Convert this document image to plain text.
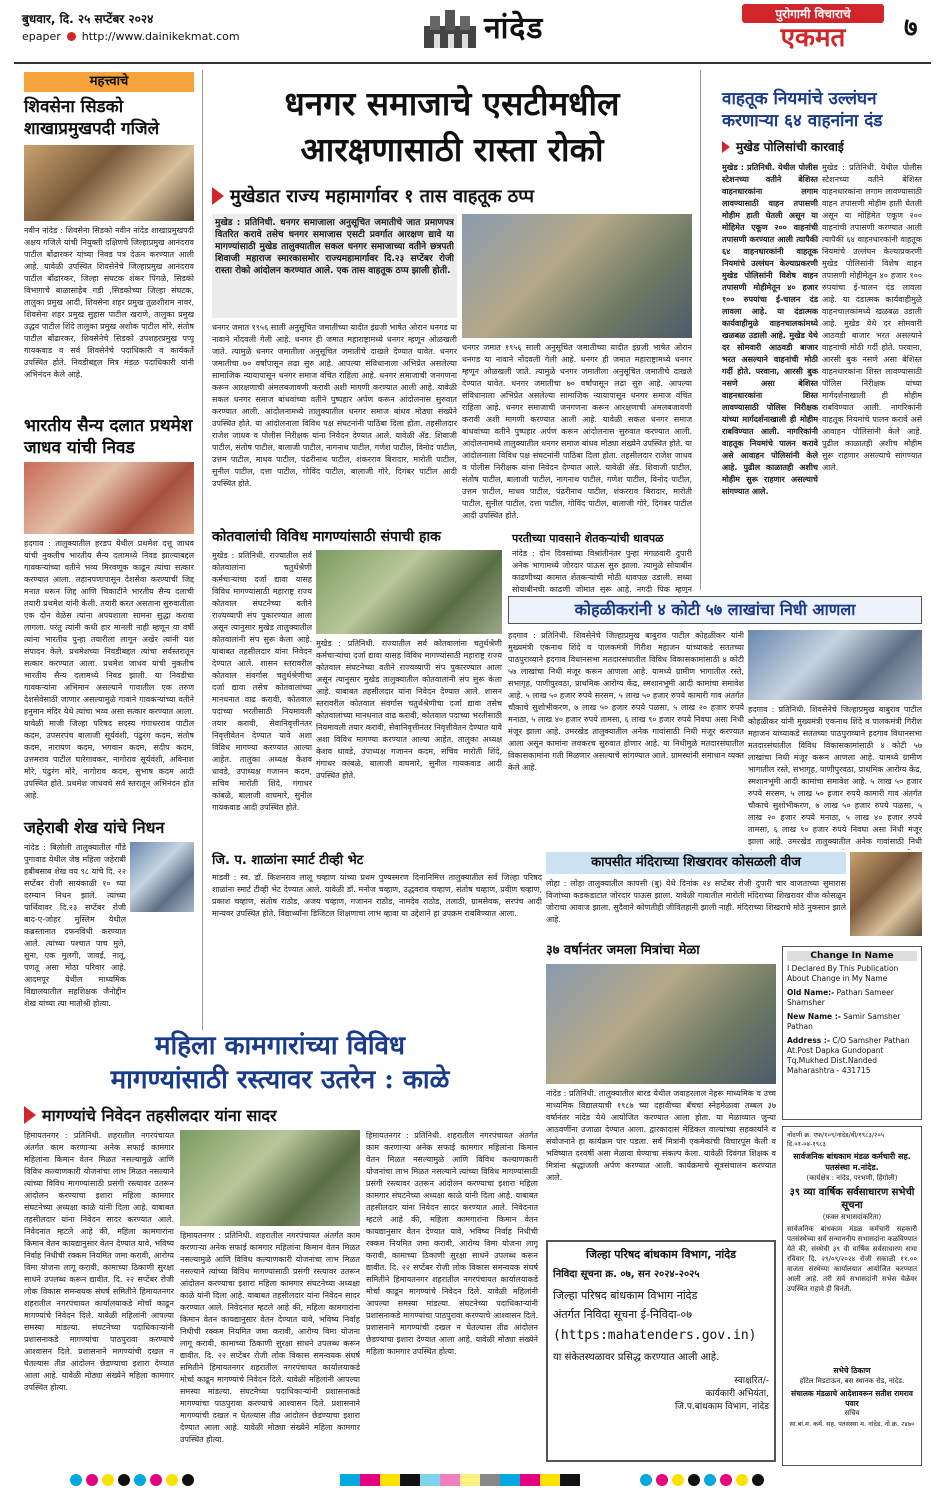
बुधवार, दि. २५ सप्टेंबर २०२४
epaper http://www.dainikekmat.com	नांदेड	पुरोगामी विचाराचे
एकमत	७
महत्त्वाचे
शिवसेना सिडको शाखाप्रमुखपदी गजिले
नवीन नांदेड : शिवसेना सिडको नवीन नांदेड शाखाप्रमुखपदी अक्षय गजिले यांची नियुक्ती दक्षिणचे जिल्हाप्रमुख आनंदराव पाटील बोंढारकर यांच्या निवड पत्र देऊन करण्यात आली आहे. यावेळी उपस्थित शिवसेनेचे जिल्हाप्रमुख आनंदराव पाटील बोंढारकर, जिल्हा संघटक शंकर पिंगळे, सिडको विभागाचे बाळासाहेब गडी ,सिडकोच्या जिल्हा संघटक, तालुका प्रमुख आदी, शिवसेना शहर प्रमुख तुळशीराम नावर, शिवसेना शहर प्रमुख सुहास पाटील खराणे, तालुका प्रमुख उद्धव पाटील शिंदे तालुका प्रमुख अशोक पाटील मोरे, संतोष पाटील बोंढारकर, शिवसेनेचे सिडको उपशहरप्रमुख पप्पू गायकवाड व सर्व शिवसेनेचे पदाधिकारी व कार्यकर्ते उपस्थित होते. निवडीबद्दल मित्र मंडळ पदाधिकारी यांनी अभिनंदन केले आहे.
भारतीय सैन्य दलात प्रथमेश जाधव यांची निवड
हदगाव : तालुक्यातील हरडप येथील प्रथमेश दत्तू जाधव यांची नुकतीच भारतीय सैन्य दलामध्ये निवड झाल्याबद्दल गावकऱ्यांच्या वतीने भव्य मिरवणूक काढून त्यांचा सत्कार करण्यात आला. लहानपणापासून देशसेवा करण्याची जिद्द मनात धरून जिद्द आणि चिकाटीने भारतीय सैन्य दलाची तयारी प्रथमेश यांनी केली. तयारी करत असताना सुरुवातीला एक दोन वेळेस त्यांना अपयशाला सामना सुद्धा करावा लागला. परंतु त्यांनी कधी हार मानली नाही म्हणून या वर्षी त्यांना भारतीय पुन्हा तयारीला लागून अखेर त्यांनी यश संपादन केले. प्रथमेशच्या निवडीबद्दल त्यांचा सर्वस्तरातून सत्कार करण्यात आला. प्रथमेश जाधव यांची नुकतीच भारतीय सैन्य दलामध्ये निवड झाली. या निवडीचा गावकऱ्यांना अभिमान असल्याने गावातील एक तरुण देशसेवेसाठी जाणार असल्यामुळे गावाने गावकऱ्यांच्या वतीने हनुमान मंदिर येथे त्यांचा भव्य असा सत्कार करण्यात आला. यावेळी माजी जिल्हा परिषद सदस्य गंगाधरराव पाटील कदम, उपसरपंच बालाजी सूर्यवंशी, पंढुरंग कदम, संतोष कदम, नारायण कदम, भगवान कदम, संदीप कदम, उत्तमराव पाटील घारेगावकर, नागोराव सूर्यवंशी, अविनाश मोरे, पंढुरंग मोरे, नागोराव कदम, सुभाष कदम आदी उपस्थित होते. प्रथमेश जाधवचे सर्व स्तरातून अभिनंदन होत आहे.
जहेराबी शेख यांचे निधन
नांदेड : बिलोली तालुक्यातील गौंडे पुगावाड येथील जेष्ठ महिला जहेराबी हबीबसाब शेख वय ९८ यांचे दि. २२ सप्टेंबर रोजी सायंकाळी १० च्या दरम्यान निधन झाले. त्यांच्या पार्थिवावर दि.२३ सप्टेंबर रोजी बाद-ए-जोहर मुस्लिम येथील कब्रस्तानात दफनविधी करण्यात आले. त्यांच्या पश्चात पाच मुले, सुना, एक मुलगी, जावई, नातू, पणतू असा मोठा परिवार आहे. आदमपूर येथील माध्यमिक विद्यालयातील सहशिक्षक जैनोद्दीन शेख यांच्या त्या मातोश्री होत्या.
धनगर समाजाचे एसटीमधील
आरक्षणासाठी रास्ता रोको
मुखेडात राज्य महामार्गावर १ तास वाहतूक ठप्प
मुखेड : प्रतिनिधी. धनगर समाजाला अनुसूचित जमातीचे जात प्रमाणपत्र वितरित करावे तसेच धनगर समाजास एसटी प्रवर्गात आरक्षण द्यावे या मागण्यांसाठी मुखेड तालुक्यातील सकल धनगर समाजाच्या वतीने छत्रपती शिवाजी महाराज स्मारकासमोर राज्यमहामार्गावर दि.२३ सप्टेंबर रोजी रास्ता रोको आंदोलन करण्यात आले. एक तास वाहतूक ठप्प झाली होती.
धनगर जमात १९५६ साली अनुसूचित जमातीच्या यादीत इंग्रजी भाषेत ओरान धनगड या नावाने नोंदवली गेली आहे. धनगर ही जमात महाराष्ट्रामध्ये धनगर म्हणून ओळखली जाते. त्यामुळे धनगर जमातीला अनुसूचित जमातीचे दाखले देण्यात यावेत. धनगर जमातीचा ७० वर्षांपासून लढा सुरु आहे. आपल्या संविधानाला अभिप्रेत असलेल्या सामाजिक न्यायापासून धनगर समाज वंचित राहिला आहे. धनगर समाजाची जनगणना करून आरक्षणाची अंमलबजावणी करावी अशी मागणी करण्यात आली आहे. यावेळी सकल धनगर समाज बांधवांच्या वतीने पुष्पहार अर्पण करून आंदोलनास सुरुवात करण्यात आली. आंदोलनामध्ये तालुक्यातील धनगर समाज बांधव मोठ्या संख्येने उपस्थित होते. या आंदोलनाला विविध पक्ष संघटनांनी पाठिंबा दिला होता. तहसीलदार राजेश जाधव व पोलीस निरीक्षक यांना निवेदन देण्यात आले. यावेळी ॲड. शिवाजी पाटील, संतोष पाटील, बालाजी पाटील, नागनाथ पाटील, गणेश पाटील, विनोद पाटील, उत्तम पाटील, माधव पाटील, पंढरीनाथ पाटील, शंकरराव बिरादार, मारोती पाटील, सुनील पाटील, दत्ता पाटील, गोविंद पाटील, बालाजी गोरे, दिगंबर पाटील आदी उपस्थित होते.
धनगर जमात १९५६ साली अनुसूचित जमातीच्या यादीत इंग्रजी भाषेत ओरान धनगड या नावाने नोंदवली गेली आहे. धनगर ही जमात महाराष्ट्रामध्ये धनगर म्हणून ओळखली जाते. त्यामुळे धनगर जमातीला अनुसूचित जमातीचे दाखले देण्यात यावेत. धनगर जमातीचा ७० वर्षांपासून लढा सुरु आहे. आपल्या संविधानाला अभिप्रेत असलेल्या सामाजिक न्यायापासून धनगर समाज वंचित राहिला आहे. धनगर समाजाची जनगणना करून आरक्षणाची अंमलबजावणी करावी अशी मागणी करण्यात आली आहे. यावेळी सकल धनगर समाज बांधवांच्या वतीने पुष्पहार अर्पण करून आंदोलनास सुरुवात करण्यात आली. आंदोलनामध्ये तालुक्यातील धनगर समाज बांधव मोठ्या संख्येने उपस्थित होते. या आंदोलनाला विविध पक्ष संघटनांनी पाठिंबा दिला होता. तहसीलदार राजेश जाधव व पोलीस निरीक्षक यांना निवेदन देण्यात आले. यावेळी ॲड. शिवाजी पाटील, संतोष पाटील, बालाजी पाटील, नागनाथ पाटील, गणेश पाटील, विनोद पाटील, उत्तम पाटील, माधव पाटील, पंढरीनाथ पाटील, शंकरराव बिरादार, मारोती पाटील, सुनील पाटील, दत्ता पाटील, गोविंद पाटील, बालाजी गोरे, दिगंबर पाटील आदी उपस्थित होते.
परतीच्या पावसाने शेतकऱ्यांची धावपळ
नांदेड : दोन दिवसांच्या विश्रांतीनंतर पुन्हा मंगळवारी दुपारी अनेक भागामध्ये जोरदार पाऊस सुरु झाला. त्यामुळे सोयाबीन काढणीच्या कामात शेतकऱ्यांची मोठी धावपळ उडाली. सध्या सोयाबीनची काढणी जोमात सुरू आहे. नगदी पिक म्हणून
कोतवालांची विविध मागण्यांसाठी संपाची हाक
मुखेड : प्रतिनिधी. राज्यातील सर्व कोतवालांना चतुर्थश्रेणी कर्मचाऱ्यांचा दर्जा द्यावा यासह विविध मागण्यांसाठी महाराष्ट्र राज्य कोतवाल संघटनेच्या वतीने राज्यव्यापी संप पुकारण्यात आला असून त्यानुसार मुखेड तालुक्यातील कोतवालांनी संप सुरू केला आहे. याबाबत तहसीलदार यांना निवेदन देण्यात आले. शासन स्तरावरील कोतवाल संवर्गास चतुर्थश्रेणीचा दर्जा द्यावा तसेच कोतवालांच्या मानधनात वाढ करावी, कोतवाल पदाच्या भरतीसाठी नियमावली तयार करावी, सेवानिवृत्तीनंतर निवृत्तीवेतन देण्यात यावे अशा विविध मागण्या करण्यात आल्या आहेत. तालुका अध्यक्ष केशव धावडे, उपाध्यक्ष गजानन कदम, सचिव मारोती शिंदे, गंगाधर कांबळे, बालाजी वाघमारे, सुनील गायकवाड आदी उपस्थित होते.
मुखेड : प्रतिनिधी. राज्यातील सर्व कोतवालांना चतुर्थश्रेणी कर्मचाऱ्यांचा दर्जा द्यावा यासह विविध मागण्यांसाठी महाराष्ट्र राज्य कोतवाल संघटनेच्या वतीने राज्यव्यापी संप पुकारण्यात आला असून त्यानुसार मुखेड तालुक्यातील कोतवालांनी संप सुरू केला आहे. याबाबत तहसीलदार यांना निवेदन देण्यात आले. शासन स्तरावरील कोतवाल संवर्गास चतुर्थश्रेणीचा दर्जा द्यावा तसेच कोतवालांच्या मानधनात वाढ करावी, कोतवाल पदाच्या भरतीसाठी नियमावली तयार करावी, सेवानिवृत्तीनंतर निवृत्तीवेतन देण्यात यावे अशा विविध मागण्या करण्यात आल्या आहेत. तालुका अध्यक्ष केशव धावडे, उपाध्यक्ष गजानन कदम, सचिव मारोती शिंदे, गंगाधर कांबळे, बालाजी वाघमारे, सुनील गायकवाड आदी उपस्थित होते.
वाहतूक नियमांचे उल्लंघन करणाऱ्या ६४ वाहनांना दंड
मुखेड पोलिसांची कारवाई
मुखेड : प्रतिनिधी. येथील पोलीस स्टेशनच्या वतीने बेशिस्त वाहनधारकांना लगाम लावण्यासाठी वाहन तपासणी मोहीम हाती घेतली असून या मोहिमेत एकूण २०० वाहनांची तपासणी करण्यात आली त्यापैकी ६४ वाहनधारकांनी वाहतूक नियमांचे उल्लंघन केल्याप्रकरणी मुखेड पोलिसांनी विशेष वाहन तपासणी मोहीमेतून ४० हजार १०० रुपयांचा ई-चालन दंड लावला आहे. या दंडात्मक कार्यवाहीमुळे वाहनचालकांमध्ये खळबळ उडाली आहे. मुखेड येथे दर सोमवारी आठवडी बाजार भरत असल्याने वाहनांची मोठी गर्दी होते. परवाना, आरसी बुक नसणे असा बेशिस्त वाहनधारकांना शिस्त लावण्यासाठी पोलिस निरीक्षक यांच्या मार्गदर्शनाखाली ही मोहीम राबविण्यात आली. नागरिकांनी वाहतूक नियमांचे पालन करावे असे आवाहन पोलिसांनी केले आहे. पुढील काळातही अशीच मोहीम सुरू राहणार असल्याचे सांगण्यात आले.
मुखेड : प्रतिनिधी. येथील पोलीस स्टेशनच्या वतीने बेशिस्त वाहनधारकांना लगाम लावण्यासाठी वाहन तपासणी मोहीम हाती घेतली असून या मोहिमेत एकूण २०० वाहनांची तपासणी करण्यात आली त्यापैकी ६४ वाहनधारकांनी वाहतूक नियमांचे उल्लंघन केल्याप्रकरणी मुखेड पोलिसांनी विशेष वाहन तपासणी मोहीमेतून ४० हजार १०० रुपयांचा ई-चालन दंड लावला आहे. या दंडात्मक कार्यवाहीमुळे वाहनचालकांमध्ये खळबळ उडाली आहे. मुखेड येथे दर सोमवारी आठवडी बाजार भरत असल्याने वाहनांची मोठी गर्दी होते. परवाना, आरसी बुक नसणे असा बेशिस्त वाहनधारकांना शिस्त लावण्यासाठी पोलिस निरीक्षक यांच्या मार्गदर्शनाखाली ही मोहीम राबविण्यात आली. नागरिकांनी वाहतूक नियमांचे पालन करावे असे आवाहन पोलिसांनी केले आहे. पुढील काळातही अशीच मोहीम सुरू राहणार असल्याचे सांगण्यात आले.
कोहळीकरांनी ४ कोटी ५७ लाखांचा निधी आणला
हदगाव : प्रतिनिधी. शिवसेनेचे जिल्हाप्रमुख बाबुराव पाटील कोहळीकर यांनी मुख्यमंत्री एकनाथ शिंदे व पालकमंत्री गिरीश महाजन यांच्याकडे सततच्या पाठपुराव्याने हदगाव विधानसभा मतदारसंघातील विविध विकासकामांसाठी ४ कोटी ५७ लाखांचा निधी मंजूर करून आणला आहे. यामध्ये ग्रामीण भागातील रस्ते, सभागृह, पाणीपुरवठा, प्राथमिक आरोग्य केंद्र, स्मशानभूमी आदी कामांचा समावेश आहे. ५ लाख ५० हजार रुपये सरसम, ५ लाख ५० हजार रुपये कामारी गाव अंतर्गत चौकाचे सुशोभीकरण, ७ लाख ५० हजार रुपये पळसा, ५ लाख २० हजार रुपये मनाठा, ५ लाख ४० हजार रुपये तामसा, ६ लाख ९० हजार रुपये निवघा असा निधी मंजूर झाला आहे. उमरखेड तालुक्यातील अनेक गावांसाठी निधी मंजूर करण्यात आला असून कामांना लवकरच सुरुवात होणार आहे. या निधीमुळे मतदारसंघातील विकासकामांना गती मिळणार असल्याचे सांगण्यात आले. ग्रामस्थांनी समाधान व्यक्त केले आहे.
हदगाव : प्रतिनिधी. शिवसेनेचे जिल्हाप्रमुख बाबुराव पाटील कोहळीकर यांनी मुख्यमंत्री एकनाथ शिंदे व पालकमंत्री गिरीश महाजन यांच्याकडे सततच्या पाठपुराव्याने हदगाव विधानसभा मतदारसंघातील विविध विकासकामांसाठी ४ कोटी ५७ लाखांचा निधी मंजूर करून आणला आहे. यामध्ये ग्रामीण भागातील रस्ते, सभागृह, पाणीपुरवठा, प्राथमिक आरोग्य केंद्र, स्मशानभूमी आदी कामांचा समावेश आहे. ५ लाख ५० हजार रुपये सरसम, ५ लाख ५० हजार रुपये कामारी गाव अंतर्गत चौकाचे सुशोभीकरण, ७ लाख ५० हजार रुपये पळसा, ५ लाख २० हजार रुपये मनाठा, ५ लाख ४० हजार रुपये तामसा, ६ लाख ९० हजार रुपये निवघा असा निधी मंजूर झाला आहे. उमरखेड तालुक्यातील अनेक गावांसाठी निधी
जि. प. शाळांना स्मार्ट टीव्ही भेट
मांडवी : स्व. डॉ. किशनराव लालू चव्हाण यांच्या प्रथम पुण्यस्मरण दिनानिमित्त तालुक्यातील सर्व जिल्हा परिषद शाळांना स्मार्ट टीव्ही भेट देण्यात आले. यावेळी डॉ. मनोज चव्हाण, उद्धवराव चव्हाण, संतोष चव्हाण, प्रवीण चव्हाण, प्रकाश चव्हाण, संतोष राठोड, अजय चव्हाण, गजानन राठोड, नामदेव राठोड, तलाठी, ग्रामसेवक, सरपंच आदी मान्यवर उपस्थित होते. विद्यार्थ्यांना डिजिटल शिक्षणाचा लाभ व्हावा या उद्देशाने हा उपक्रम राबविण्यात आला.
कापसीत मंदिराच्या शिखरावर कोसळली वीज
लोहा : लोहा तालुक्यातील कापसी (बु) येथे दिनांक २४ सप्टेंबर रोजी दुपारी चार वाजताच्या सुमारास विजांच्या कडकडाटात जोरदार पाऊस झाला. यावेळी गावातील मारोती मंदिराच्या शिखरावर वीज कोसळून जोराचा आवाज झाला. सुदैवाने कोणतीही जीवितहानी झाली नाही. मंदिराच्या शिखराचे मोठे नुकसान झाले आहे.
३७ वर्षानंतर जमला मित्रांचा मेळा
नांदेड : प्रतिनिधी. तालुक्यातील बारड येथील जवाहरलाल नेहरू माध्यमिक व उच्च माध्यमिक विद्यालयाची १९८७ च्या दहावीच्या बॅचचा स्नेहमेळावा तब्बल ३७ वर्षानंतर नांदेड येथे आयोजित करण्यात आला होता. या मेळाव्यात जुन्या आठवणींना उजाळा देण्यात आला. द्वारकादास मेडिकल वाल्यांच्या सहकार्याने व संयोजनाने हा कार्यक्रम पार पडला. सर्व मित्रांनी एकमेकांची विचारपूस केली व भविष्यात दरवर्षी असा मेळावा घेण्याचा संकल्प केला. यावेळी दिवंगत शिक्षक व मित्रांना श्रद्धांजली अर्पण करण्यात आली. कार्यक्रमाचे सूत्रसंचालन करण्यात आले.
Change In Name
I Declared By This Publication About Change in My Name
Old Name:- Pathan Sameer Shamsher
New Name :- Samir Samsher Pathan
Address :- C/O Samsher Pathan At.Post Dapka Gundopant Tq.Mukhed Dist.Nanded Maharashtra - 431715
नोंदणी क्र. एफ/१०९/नांदेड/वी/१९८३/२०५ दि.०१-०४-१९८३
सार्वजनिक बांधकाम मंडळ कर्मचारी सह. पतसंस्था म.नांदेड.
(कार्यक्षेत्र : नांदेड, परभणी, हिंगोली)
३९ व्या वार्षिक सर्वसाधारण सभेची सूचना
(फक्त सभासदांकरिता)
सार्वजनिक बांधकाम मंडळ कर्मचारी सहकारी पतसंस्थेच्या सर्व सन्माननीय सभासदांना कळविण्यात येते की, संस्थेची ३९ वी वार्षिक सर्वसाधारण सभा रविवार दि. २९/०९/२०२४ रोजी सकाळी ११.०० वाजता संस्थेच्या कार्यालयात आयोजित करण्यात आली आहे. तरी सर्व सभासदांनी सभेस वेळेवर उपस्थित राहावे ही विनंती.
सभेचे ठिकाण
हॉटेल मिडटाऊन, बस स्थानक रोड, नांदेड.
संचालक मंडळाचे आदेशावरून सतीश रामराव पवार
सचिव
सा.बां.म. कर्म. सह. पतसंस्था म. नांदेड. नो.क्र. २४७०
जिल्हा परिषद बांधकाम विभाग, नांदेड
निविदा सूचना क्र. ०७, सन २०२४-२०२५
जिल्हा परिषद बांधकाम विभाग नांदेड
अंतर्गत निविदा सूचना ई-निविदा-०७
(https:mahatenders.gov.in)
या संकेतस्थळावर प्रसिद्ध करण्यात आली आहे.
स्वाक्षरित/-
कार्यकारी अभियंता,
जि.प.बांधकाम विभाग, नांदेड
महिला कामगारांच्या विविध
मागण्यांसाठी रस्त्यावर उतरेन : काळे
मागण्यांचे निवेदन तहसीलदार यांना सादर
हिमायतनगर : प्रतिनिधी. शहरातील नगरपंचायत अंतर्गत काम करणाऱ्या अनेक सफाई कामगार महिलांना किमान वेतन मिळत नसल्यामुळे आणि विविध कल्याणकारी योजनांचा लाभ मिळत नसल्याने त्यांच्या विविध मागण्यांसाठी प्रसंगी रस्त्यावर उतरून आंदोलन करण्याचा इशारा महिला कामगार संघटनेच्या अध्यक्षा काळे यांनी दिला आहे. याबाबत तहसीलदार यांना निवेदन सादर करण्यात आले. निवेदनात म्हटले आहे की, महिला कामगारांना किमान वेतन कायद्यानुसार वेतन देण्यात यावे, भविष्य निर्वाह निधीची रक्कम नियमित जमा करावी, आरोग्य विमा योजना लागू करावी, कामाच्या ठिकाणी सुरक्षा साधने उपलब्ध करून द्यावीत. दि. २२ सप्टेंबर रोजी लोक विकास समन्वयक संघर्ष समितीने हिमायतनगर शहरातील नगरपंचायत कार्यालयाकडे मोर्चा काढून मागण्यांचे निवेदन दिले. यावेळी महिलांनी आपल्या समस्या मांडल्या. संघटनेच्या पदाधिकाऱ्यांनी प्रशासनाकडे मागण्यांचा पाठपुरावा करण्याचे आश्वासन दिले. प्रशासनाने मागण्यांची दखल न घेतल्यास तीव्र आंदोलन छेडण्याचा इशारा देण्यात आला आहे. यावेळी मोठ्या संख्येने महिला कामगार उपस्थित होत्या.
हिमायतनगर : प्रतिनिधी. शहरातील नगरपंचायत अंतर्गत काम करणाऱ्या अनेक सफाई कामगार महिलांना किमान वेतन मिळत नसल्यामुळे आणि विविध कल्याणकारी योजनांचा लाभ मिळत नसल्याने त्यांच्या विविध मागण्यांसाठी प्रसंगी रस्त्यावर उतरून आंदोलन करण्याचा इशारा महिला कामगार संघटनेच्या अध्यक्षा काळे यांनी दिला आहे. याबाबत तहसीलदार यांना निवेदन सादर करण्यात आले. निवेदनात म्हटले आहे की, महिला कामगारांना किमान वेतन कायद्यानुसार वेतन देण्यात यावे, भविष्य निर्वाह निधीची रक्कम नियमित जमा करावी, आरोग्य विमा योजना लागू करावी, कामाच्या ठिकाणी सुरक्षा साधने उपलब्ध करून द्यावीत. दि. २२ सप्टेंबर रोजी लोक विकास समन्वयक संघर्ष समितीने हिमायतनगर शहरातील नगरपंचायत कार्यालयाकडे मोर्चा काढून मागण्यांचे निवेदन दिले. यावेळी महिलांनी आपल्या समस्या मांडल्या. संघटनेच्या पदाधिकाऱ्यांनी प्रशासनाकडे मागण्यांचा पाठपुरावा करण्याचे आश्वासन दिले. प्रशासनाने मागण्यांची दखल न घेतल्यास तीव्र आंदोलन छेडण्याचा इशारा देण्यात आला आहे. यावेळी मोठ्या संख्येने महिला कामगार उपस्थित होत्या.
हिमायतनगर : प्रतिनिधी. शहरातील नगरपंचायत अंतर्गत काम करणाऱ्या अनेक सफाई कामगार महिलांना किमान वेतन मिळत नसल्यामुळे आणि विविध कल्याणकारी योजनांचा लाभ मिळत नसल्याने त्यांच्या विविध मागण्यांसाठी प्रसंगी रस्त्यावर उतरून आंदोलन करण्याचा इशारा महिला कामगार संघटनेच्या अध्यक्षा काळे यांनी दिला आहे. याबाबत तहसीलदार यांना निवेदन सादर करण्यात आले. निवेदनात म्हटले आहे की, महिला कामगारांना किमान वेतन कायद्यानुसार वेतन देण्यात यावे, भविष्य निर्वाह निधीची रक्कम नियमित जमा करावी, आरोग्य विमा योजना लागू करावी, कामाच्या ठिकाणी सुरक्षा साधने उपलब्ध करून द्यावीत. दि. २२ सप्टेंबर रोजी लोक विकास समन्वयक संघर्ष समितीने हिमायतनगर शहरातील नगरपंचायत कार्यालयाकडे मोर्चा काढून मागण्यांचे निवेदन दिले. यावेळी महिलांनी आपल्या समस्या मांडल्या. संघटनेच्या पदाधिकाऱ्यांनी प्रशासनाकडे मागण्यांचा पाठपुरावा करण्याचे आश्वासन दिले. प्रशासनाने मागण्यांची दखल न घेतल्यास तीव्र आंदोलन छेडण्याचा इशारा देण्यात आला आहे. यावेळी मोठ्या संख्येने महिला कामगार उपस्थित होत्या.
